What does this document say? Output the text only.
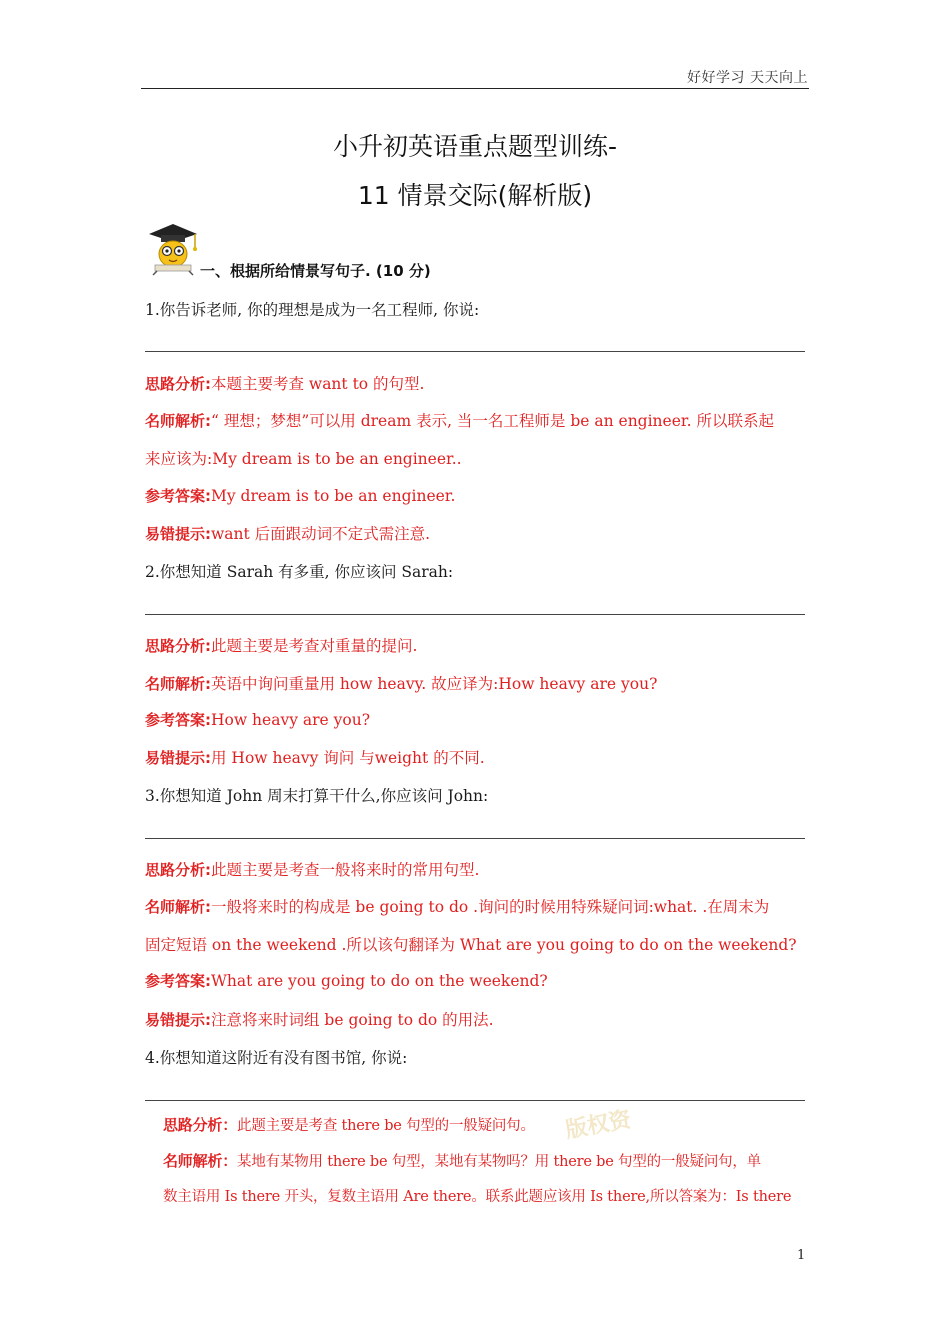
好好学习 天天向上
小升初英语重点题型训练-
11 情景交际(解析版)
一、根据所给情景写句子. (10 分)
1.你告诉老师, 你的理想是成为一名工程师, 你说:
思路分析:本题主要考查 want to 的句型.
名师解析:“ 理想；梦想”可以用 dream 表示, 当一名工程师是 be an engineer. 所以联系起
来应该为:My dream is to be an engineer..
参考答案:My dream is to be an engineer.
易错提示:want 后面跟动词不定式需注意.
2.你想知道 Sarah 有多重, 你应该问 Sarah:
思路分析:此题主要是考查对重量的提问.
名师解析:英语中询问重量用 how heavy. 故应译为:How heavy are you?
参考答案:How heavy are you?
易错提示:用 How heavy 询问 与weight 的不同.
3.你想知道 John 周末打算干什么,你应该问 John:
思路分析:此题主要是考查一般将来时的常用句型.
名师解析:一般将来时的构成是 be going to do .询问的时候用特殊疑问词:what. .在周末为
固定短语 on the weekend .所以该句翻译为 What are you going to do on the weekend?
参考答案:What are you going to do on the weekend?
易错提示:注意将来时词组 be going to do 的用法.
4.你想知道这附近有没有图书馆, 你说:
版权资
思路分析：此题主要是考查 there be 句型的一般疑问句。
名师解析：某地有某物用 there be 句型，某地有某物吗？用 there be 句型的一般疑问句，单
数主语用 Is there 开头，复数主语用 Are there。联系此题应该用 Is there,所以答案为：Is there
1
